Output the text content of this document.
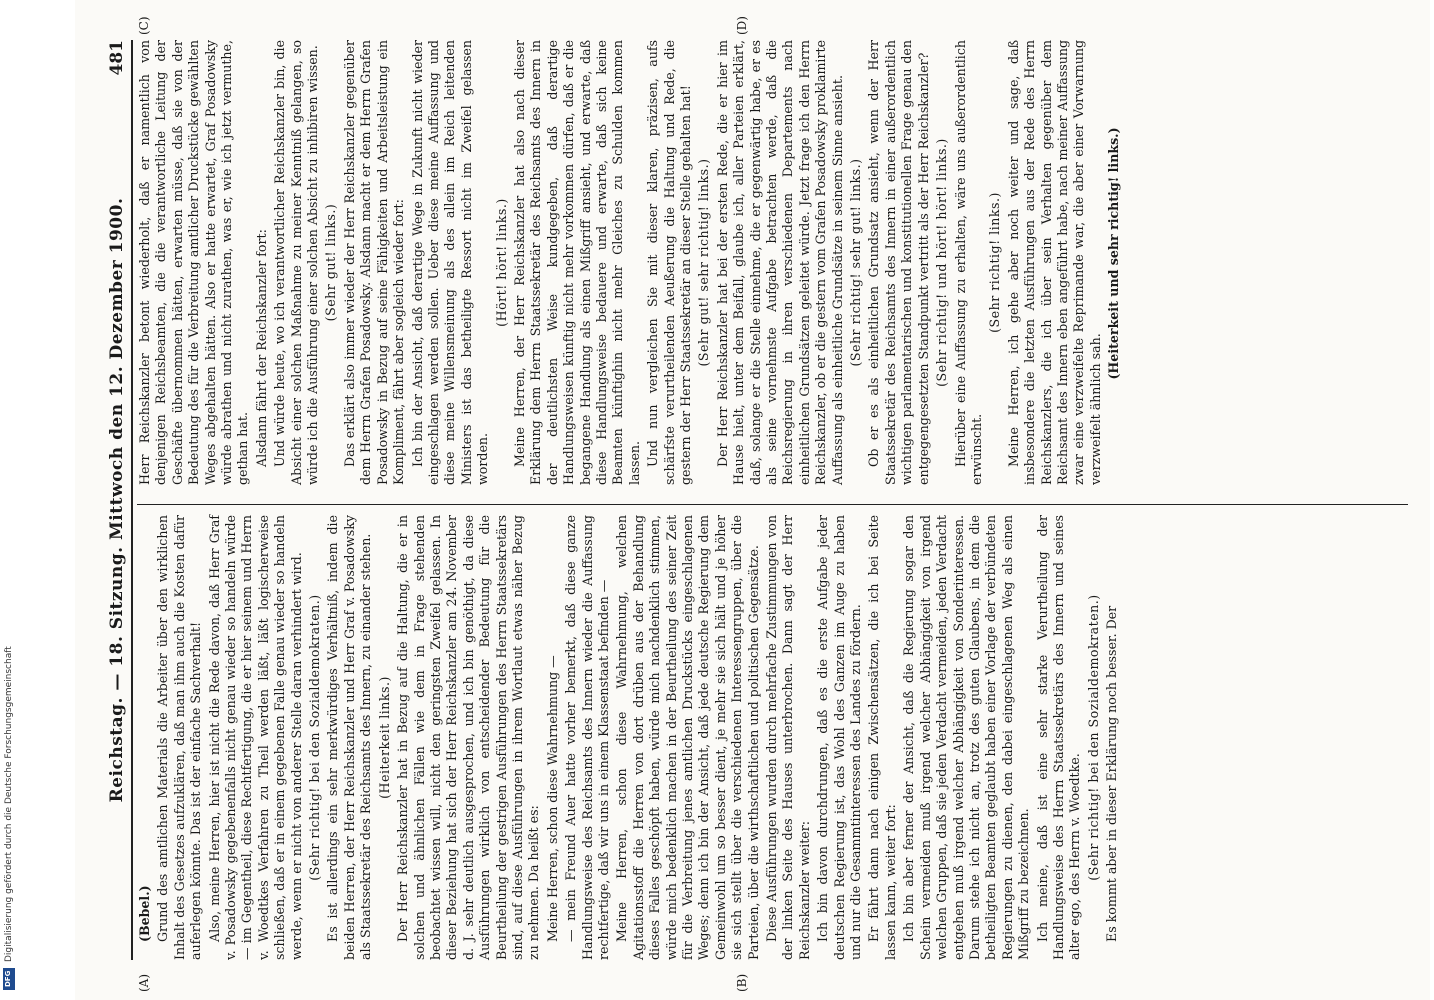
Reichstag. — 18. Sitzung. Mittwoch den 12. Dezember 1900.
481
(A)	(B)
(C)	(D)

(Bebel.) Grund des amtlichen Materials die Arbeiter über den wirklichen Inhalt des Gesetzes aufzuklären, daß man ihm auch die Kosten dafür auferlegen könnte. Das ist der einfache Sachverhalt! Also, meine Herren, hier ist nicht die Rede davon, daß Herr Graf v. Posadowsky gegebenenfalls nicht genau wieder so handeln würde — im Gegentheil, diese Rechtfertigung, die er hier seinem und Herrn v. Woedtkes Verfahren zu Theil werden läßt, läßt logischerweise schließen, daß er in einem gegebenen Falle genau wieder so handeln werde, wenn er nicht von anderer Stelle daran verhindert wird. (Sehr richtig! bei den Sozialdemokraten.) Es ist allerdings ein sehr merkwürdiges Verhältniß, indem die beiden Herren, der Herr Reichskanzler und Herr Graf v. Posadowsky als Staatssekretär des Reichsamts des Innern, zu einander stehen. (Heiterkeit links.) Der Herr Reichskanzler hat in Bezug auf die Haltung, die er in solchen und ähnlichen Fällen wie dem in Frage stehenden beobachtet wissen will, nicht den geringsten Zweifel gelassen. In dieser Beziehung hat sich der Herr Reichskanzler am 24. November d. J. sehr deutlich ausgesprochen, und ich bin genöthigt, da diese Ausführungen wirklich von entscheidender Bedeutung für die Beurtheilung der gestrigen Ausführungen des Herrn Staatssekretärs sind, auf diese Ausführungen in ihrem Wortlaut etwas näher Bezug zu nehmen. Da heißt es: Meine Herren, schon diese Wahrnehmung — — mein Freund Auer hatte vorher bemerkt, daß diese ganze Handlungsweise des Reichsamts des Innern wieder die Auffassung rechtfertige, daß wir uns in einem Klassenstaat befinden — Meine Herren, schon diese Wahrnehmung, welchen Agitationsstoff die Herren von dort drüben aus der Behandlung dieses Falles geschöpft haben, würde mich nachdenklich stimmen, würde mich bedenklich machen in der Beurtheilung des seiner Zeit für die Verbreitung jenes amtlichen Druckstücks eingeschlagenen Weges; denn ich bin der Ansicht, daß jede deutsche Regierung dem Gemeinwohl um so besser dient, je mehr sie sich hält und je höher sie sich stellt über die verschiedenen Interessengruppen, über die Parteien, über die wirthschaftlichen und politischen Gegensätze. Diese Ausführungen wurden durch mehrfache Zustimmungen von der linken Seite des Hauses unterbrochen. Dann sagt der Herr Reichskanzler weiter: Ich bin davon durchdrungen, daß es die erste Aufgabe jeder deutschen Regierung ist, das Wohl des Ganzen im Auge zu haben und nur die Gesammtinteressen des Landes zu fördern. Er fährt dann nach einigen Zwischensätzen, die ich bei Seite lassen kann, weiter fort: Ich bin aber ferner der Ansicht, daß die Regierung sogar den Schein vermeiden muß irgend welcher Abhängigkeit von irgend welchen Gruppen, daß sie jeden Verdacht vermeiden, jeden Verdacht entgehen muß irgend welcher Abhängigkeit von Sonderinteressen. Darum stehe ich nicht an, trotz des guten Glaubens, in dem die betheiligten Beamten geglaubt haben einer Vorlage der verbündeten Regierungen zu dienen, den dabei eingeschlagenen Weg als einen Mißgriff zu bezeichnen. Ich meine, daß ist eine sehr starke Verurtheilung der Handlungsweise des Herrn Staatssekretärs des Innern und seines alter ego, des Herrn v. Woedtke. (Sehr richtig! bei den Sozialdemokraten.) Es kommt aber in dieser Erklärung noch besser. Der

Herr Reichskanzler betont wiederholt, daß er namentlich von denjenigen Reichsbeamten, die die verantwortliche Leitung der Geschäfte übernommen hätten, erwarten müsse, daß sie von der Bedeutung des für die Verbreitung amtlicher Druckstücke gewählten Weges abgehalten hätten. Also er hatte erwartet, Graf Posadowsky würde abrathen und nicht zurathen, was er, wie ich jetzt vermuthe, gethan hat. Alsdann fährt der Reichskanzler fort: Und würde heute, wo ich verantwortlicher Reichskanzler bin, die Absicht einer solchen Maßnahme zu meiner Kenntniß gelangen, so würde ich die Ausführung einer solchen Absicht zu inhibiren wissen. (Sehr gut! links.) Das erklärt also immer wieder der Herr Reichskanzler gegenüber dem Herrn Grafen Posadowsky. Alsdann macht er dem Herrn Grafen Posadowsky in Bezug auf seine Fähigkeiten und Arbeitsleistung ein Kompliment, fährt aber sogleich wieder fort: Ich bin der Ansicht, daß derartige Wege in Zukunft nicht wieder eingeschlagen werden sollen. Ueber diese meine Auffassung und diese meine Willensmeinung als des allein im Reich leitenden Ministers ist das betheiligte Ressort nicht im Zweifel gelassen worden.

(Hört! hört! links.) Meine Herren, der Herr Reichskanzler hat also nach dieser Erklärung dem Herrn Staatssekretär des Reichsamts des Innern in der deutlichsten Weise kundgegeben, daß derartige Handlungsweisen künftig nicht mehr vorkommen dürfen, daß er die begangene Handlung als einen Mißgriff ansieht, und erwarte, daß diese Handlungsweise bedauere und erwarte, daß sich keine Beamten künftighin nicht mehr Gleiches zu Schulden kommen lassen. Und nun vergleichen Sie mit dieser klaren, präzisen, aufs schärfste verurtheilenden Aeußerung die Haltung und Rede, die gestern der Herr Staatssekretär an dieser Stelle gehalten hat! (Sehr gut! sehr richtig! links.) Der Herr Reichskanzler hat bei der ersten Rede, die er hier im Hause hielt, unter dem Beifall, glaube ich, aller Parteien erklärt, daß, solange er die Stelle einnehme, die er gegenwärtig habe, er es als seine vornehmste Aufgabe betrachten werde, daß die Reichsregierung in ihren verschiedenen Departements nach einheitlichen Grundsätzen geleitet würde. Jetzt frage ich den Herrn Reichskanzler, ob er die gestern vom Grafen Posadowsky proklamirte Auffassung als einheitliche Grundsätze in seinem Sinne ansieht. (Sehr richtig! sehr gut! links.) Ob er es als einheitlichen Grundsatz ansieht, wenn der Herr Staatssekretär des Reichsamts des Innern in einer außerordentlich wichtigen parlamentarischen und konstitutionellen Frage genau den entgegengesetzten Standpunkt vertritt als der Herr Reichskanzler? (Sehr richtig! und hört! hört! links.) Hierüber eine Auffassung zu erhalten, wäre uns außerordentlich erwünscht.

(Sehr richtig! links.) Meine Herren, ich gehe aber noch weiter und sage, daß insbesondere die letzten Ausführungen aus der Rede des Herrn Reichskanzlers, die ich über sein Verhalten gegenüber dem Reichsamt des Innern eben angeführt habe, nach meiner Auffassung zwar eine verzweifelte Reprimande war, die aber einer Vorwarnung verzweifelt ähnlich sah.

(Heiterkeit und sehr richtig! links.)

DFG
Digitalisierung gefördert durch die Deutsche Forschungsgemeinschaft
